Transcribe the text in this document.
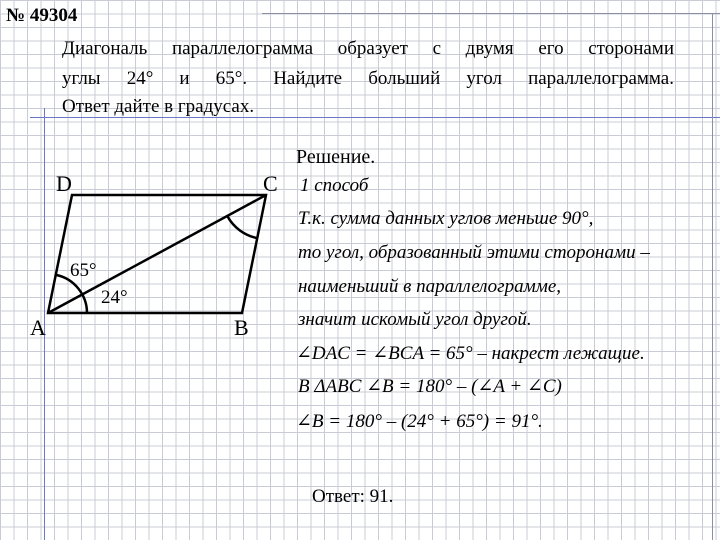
№ 49304
Диагональ параллелограмма образует с двумя его сторонами
углы 24° и 65°. Найдите больший угол параллелограмма.
Ответ дайте в градусах.
D	C
A	B
65°
24°
Решение.
1 способ
Т.к. сумма данных углов меньше 90°,
то угол, образованный этими сторонами –
наименьший в параллелограмме,
значит искомый угол другой.
∠DAC = ∠BCA = 65° – накрест лежащие.
В ΔABC ∠B = 180° – (∠A + ∠C)
∠B = 180° – (24° + 65°) = 91°.
Ответ: 91.
